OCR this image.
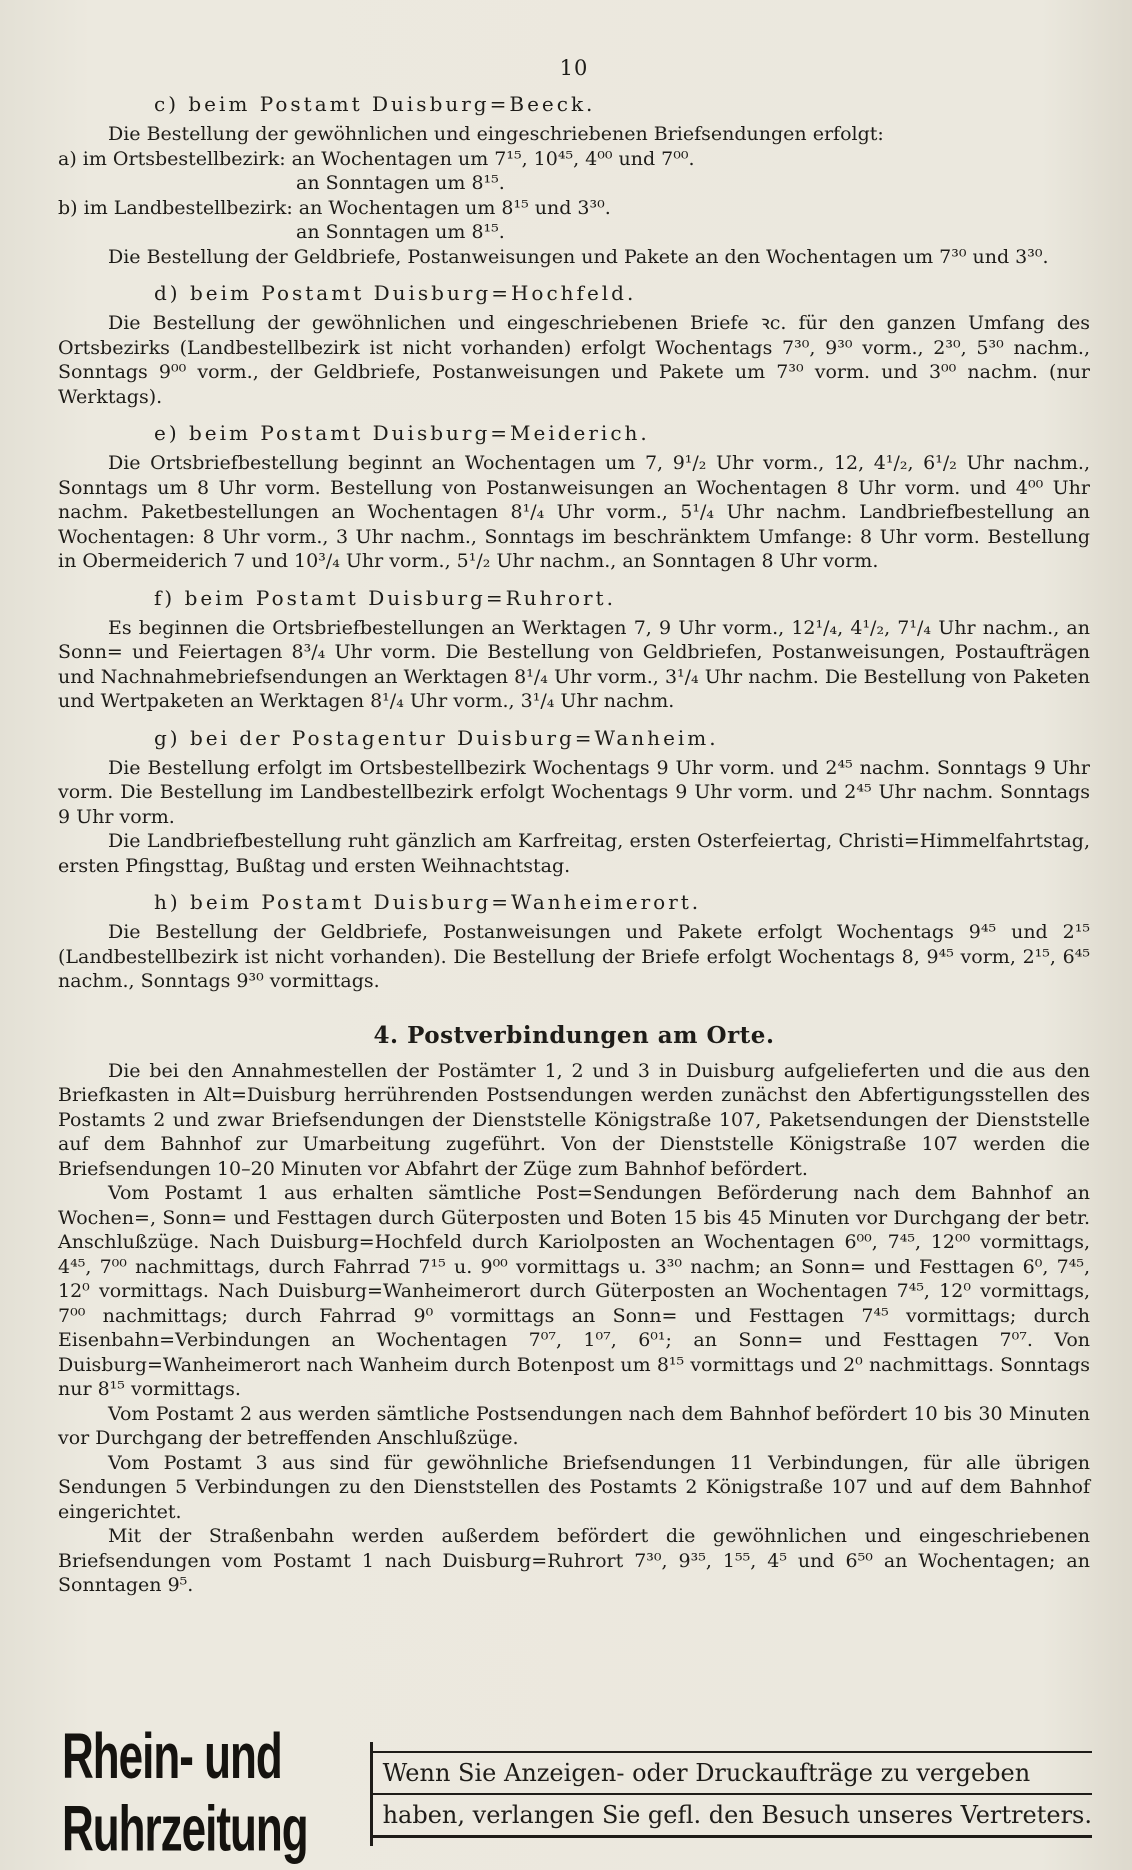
10
c) beim Postamt Duisburg=Beeck.

Die Bestellung der gewöhnlichen und eingeschriebenen Briefsendungen erfolgt:

a) im Ortsbestellbezirk: an Wochentagen um 7¹⁵, 10⁴⁵, 4⁰⁰ und 7⁰⁰.

an Sonntagen um 8¹⁵.

b) im Landbestellbezirk: an Wochentagen um 8¹⁵ und 3³⁰.

an Sonntagen um 8¹⁵.

Die Bestellung der Geldbriefe, Postanweisungen und Pakete an den Wochentagen um 7³⁰ und 3³⁰.

d) beim Postamt Duisburg=Hochfeld.

Die Bestellung der gewöhnlichen und eingeschriebenen Briefe ꝛc. für den ganzen Umfang des Ortsbezirks (Landbestellbezirk ist nicht vorhanden) erfolgt Wochentags 7³⁰, 9³⁰ vorm., 2³⁰, 5³⁰ nachm., Sonntags 9⁰⁰ vorm., der Geldbriefe, Postanweisungen und Pakete um 7³⁰ vorm. und 3⁰⁰ nachm. (nur Werktags).

e) beim Postamt Duisburg=Meiderich.

Die Ortsbriefbestellung beginnt an Wochentagen um 7, 9¹/₂ Uhr vorm., 12, 4¹/₂, 6¹/₂ Uhr nachm., Sonntags um 8 Uhr vorm. Bestellung von Postanweisungen an Wochentagen 8 Uhr vorm. und 4⁰⁰ Uhr nachm. Paketbestellungen an Wochentagen 8¹/₄ Uhr vorm., 5¹/₄ Uhr nachm. Landbriefbestellung an Wochentagen: 8 Uhr vorm., 3 Uhr nachm., Sonntags im beschränktem Umfange: 8 Uhr vorm. Bestellung in Obermeiderich 7 und 10³/₄ Uhr vorm., 5¹/₂ Uhr nachm., an Sonntagen 8 Uhr vorm.

f) beim Postamt Duisburg=Ruhrort.

Es beginnen die Ortsbriefbestellungen an Werktagen 7, 9 Uhr vorm., 12¹/₄, 4¹/₂, 7¹/₄ Uhr nachm., an Sonn= und Feiertagen 8³/₄ Uhr vorm. Die Bestellung von Geldbriefen, Postanweisungen, Postaufträgen und Nachnahmebriefsendungen an Werktagen 8¹/₄ Uhr vorm., 3¹/₄ Uhr nachm. Die Bestellung von Paketen und Wertpaketen an Werktagen 8¹/₄ Uhr vorm., 3¹/₄ Uhr nachm.

g) bei der Postagentur Duisburg=Wanheim.

Die Bestellung erfolgt im Ortsbestellbezirk Wochentags 9 Uhr vorm. und 2⁴⁵ nachm. Sonntags 9 Uhr vorm. Die Bestellung im Landbestellbezirk erfolgt Wochentags 9 Uhr vorm. und 2⁴⁵ Uhr nachm. Sonntags 9 Uhr vorm.

Die Landbriefbestellung ruht gänzlich am Karfreitag, ersten Osterfeiertag, Christi=Himmelfahrtstag, ersten Pfingsttag, Bußtag und ersten Weihnachtstag.

h) beim Postamt Duisburg=Wanheimerort.

Die Bestellung der Geldbriefe, Postanweisungen und Pakete erfolgt Wochentags 9⁴⁵ und 2¹⁵ (Landbestellbezirk ist nicht vorhanden). Die Bestellung der Briefe erfolgt Wochentags 8, 9⁴⁵ vorm, 2¹⁵, 6⁴⁵ nachm., Sonntags 9³⁰ vormittags.

4. Postverbindungen am Orte.

Die bei den Annahmestellen der Postämter 1, 2 und 3 in Duisburg aufgelieferten und die aus den Briefkasten in Alt=Duisburg herrührenden Postsendungen werden zunächst den Abfertigungsstellen des Postamts 2 und zwar Briefsendungen der Dienststelle Königstraße 107, Paketsendungen der Dienststelle auf dem Bahnhof zur Umarbeitung zugeführt. Von der Dienststelle Königstraße 107 werden die Briefsendungen 10–20 Minuten vor Abfahrt der Züge zum Bahnhof befördert.

Vom Postamt 1 aus erhalten sämtliche Post=Sendungen Beförderung nach dem Bahnhof an Wochen=, Sonn= und Festtagen durch Güterposten und Boten 15 bis 45 Minuten vor Durchgang der betr. Anschlußzüge. Nach Duisburg=Hochfeld durch Kariolposten an Wochentagen 6⁰⁰, 7⁴⁵, 12⁰⁰ vormittags, 4⁴⁵, 7⁰⁰ nachmittags, durch Fahrrad 7¹⁵ u. 9⁰⁰ vormittags u. 3³⁰ nachm; an Sonn= und Festtagen 6⁰, 7⁴⁵, 12⁰ vormittags. Nach Duisburg=Wanheimerort durch Güterposten an Wochentagen 7⁴⁵, 12⁰ vormittags, 7⁰⁰ nachmittags; durch Fahrrad 9⁰ vormittags an Sonn= und Festtagen 7⁴⁵ vormittags; durch Eisenbahn=Verbindungen an Wochentagen 7⁰⁷, 1⁰⁷, 6⁰¹; an Sonn= und Festtagen 7⁰⁷. Von Duisburg=Wanheimerort nach Wanheim durch Botenpost um 8¹⁵ vormittags und 2⁰ nachmittags. Sonntags nur 8¹⁵ vormittags.

Vom Postamt 2 aus werden sämtliche Postsendungen nach dem Bahnhof befördert 10 bis 30 Minuten vor Durchgang der betreffenden Anschlußzüge.

Vom Postamt 3 aus sind für gewöhnliche Briefsendungen 11 Verbindungen, für alle übrigen Sendungen 5 Verbindungen zu den Dienststellen des Postamts 2 Königstraße 107 und auf dem Bahnhof eingerichtet.

Mit der Straßenbahn werden außerdem befördert die gewöhnlichen und eingeschriebenen Briefsendungen vom Postamt 1 nach Duisburg=Ruhrort 7³⁰, 9³⁵, 1⁵⁵, 4⁵ und 6⁵⁰ an Wochentagen; an Sonntagen 9⁵.

Rhein- und Ruhrzeitung
Wenn Sie Anzeigen- oder Druckaufträge zu vergeben
haben, verlangen Sie gefl. den Besuch unseres Vertreters.
